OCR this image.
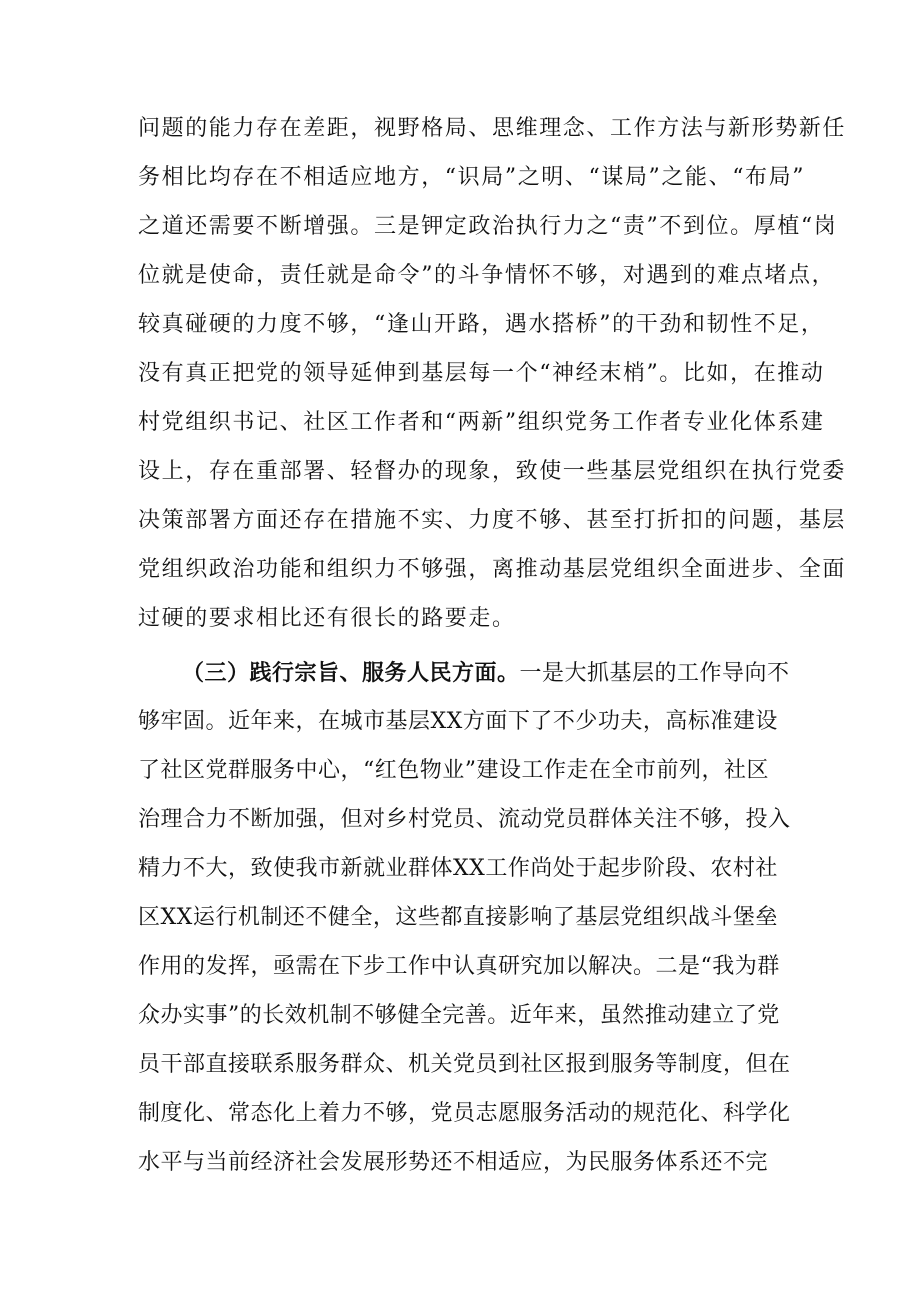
问题的能力存在差距，视野格局、思维理念、工作方法与新形势新任
务相比均存在不相适应地方，“识局”之明、“谋局”之能、“布局”
之道还需要不断增强。三是钾定政治执行力之“责”不到位。厚植“岗
位就是使命，责任就是命令”的斗争情怀不够，对遇到的难点堵点，
较真碰硬的力度不够，“逢山开路，遇水搭桥”的干劲和韧性不足，
没有真正把党的领导延伸到基层每一个“神经末梢”。比如，在推动
村党组织书记、社区工作者和“两新”组织党务工作者专业化体系建
设上，存在重部署、轻督办的现象，致使一些基层党组织在执行党委
决策部署方面还存在措施不实、力度不够、甚至打折扣的问题，基层
党组织政治功能和组织力不够强，离推动基层党组织全面进步、全面
过硬的要求相比还有很长的路要走。
（三）践行宗旨、服务人民方面。一是大抓基层的工作导向不
够牢固。近年来，在城市基层XX方面下了不少功夫，高标准建设
了社区党群服务中心，“红色物业”建设工作走在全市前列，社区
治理合力不断加强，但对乡村党员、流动党员群体关注不够，投入
精力不大，致使我市新就业群体XX工作尚处于起步阶段、农村社
区XX运行机制还不健全，这些都直接影响了基层党组织战斗堡垒
作用的发挥，亟需在下步工作中认真研究加以解决。二是“我为群
众办实事”的长效机制不够健全完善。近年来，虽然推动建立了党
员干部直接联系服务群众、机关党员到社区报到服务等制度，但在
制度化、常态化上着力不够，党员志愿服务活动的规范化、科学化
水平与当前经济社会发展形势还不相适应，为民服务体系还不完
